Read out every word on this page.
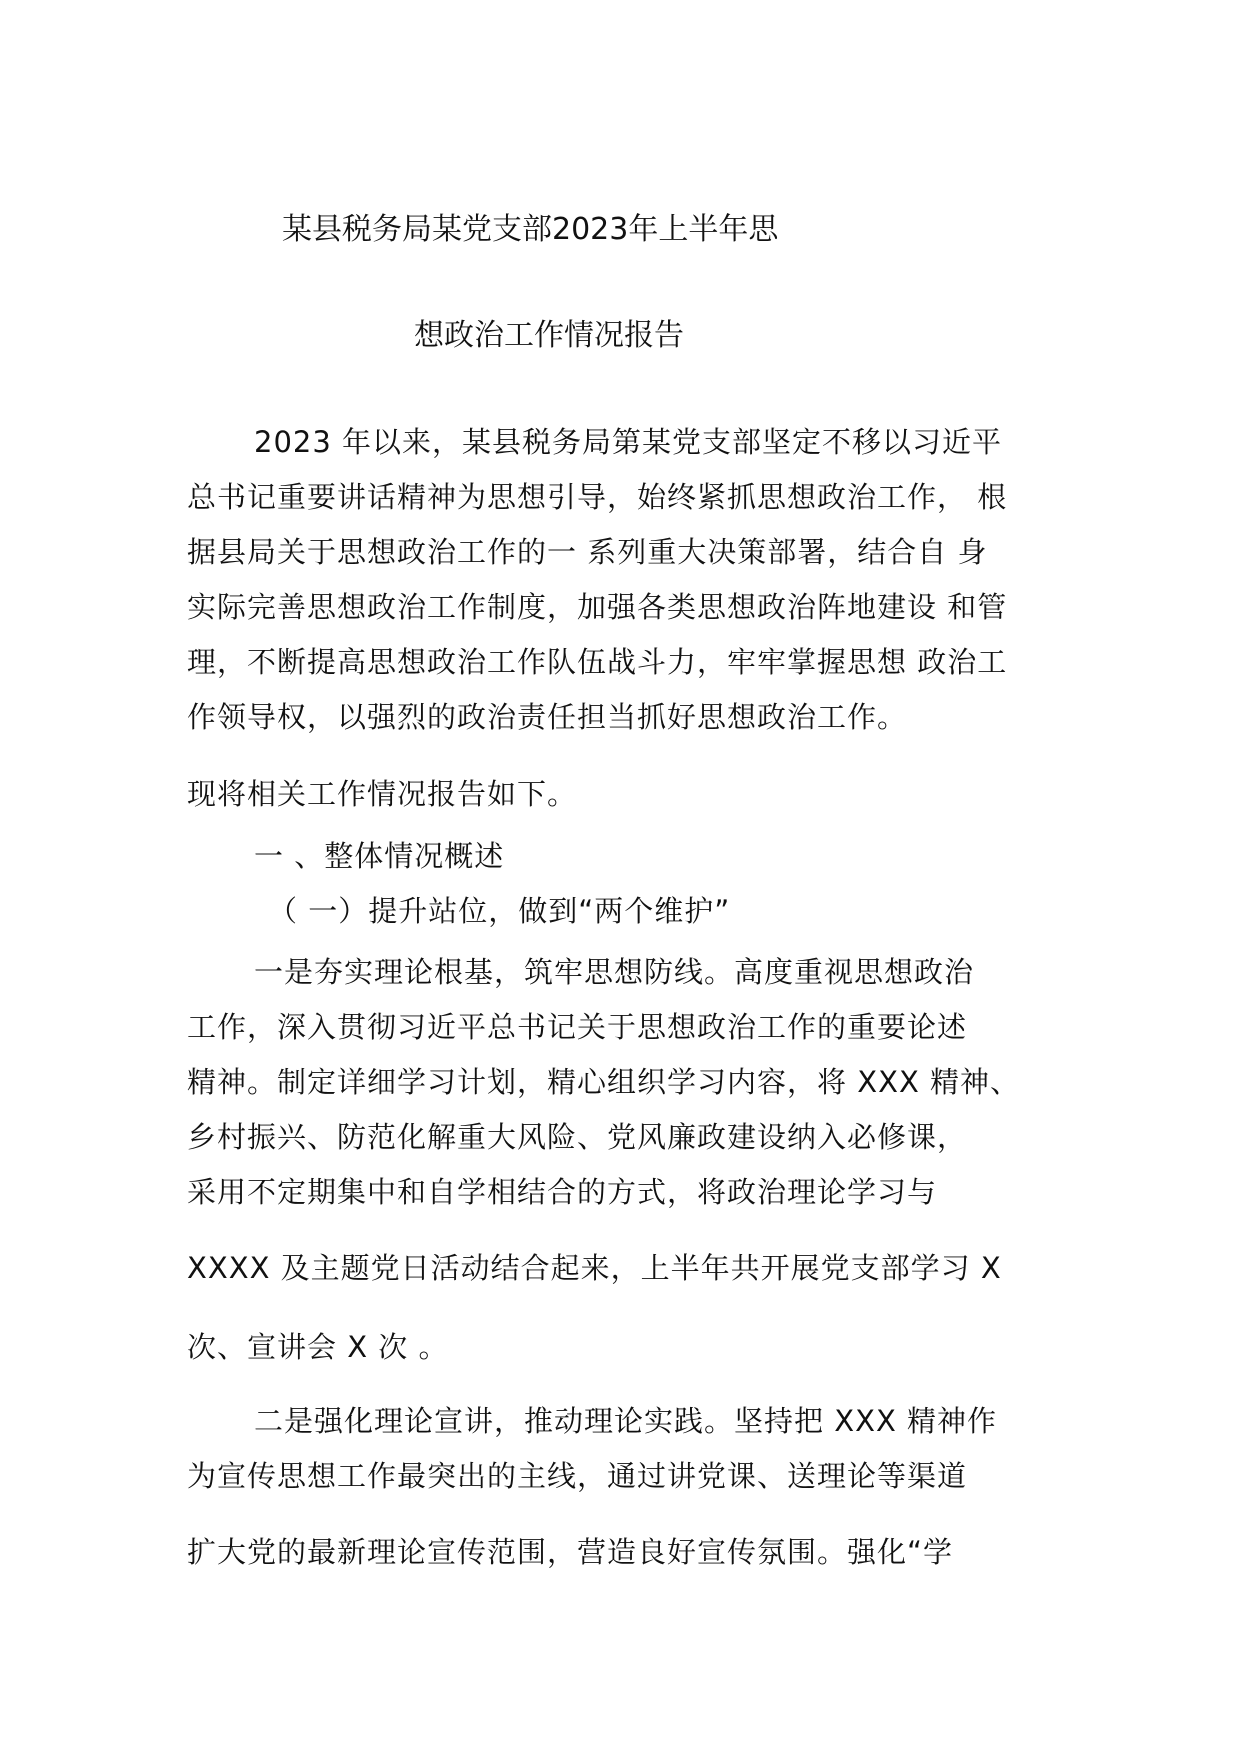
某县税务局某党支部2023年上半年思
想政治工作情况报告
2023 年以来，某县税务局第某党支部坚定不移以习近平
总书记重要讲话精神为思想引导，始终紧抓思想政治工作， 根
据县局关于思想政治工作的一 系列重大决策部署，结合自 身
实际完善思想政治工作制度，加强各类思想政治阵地建设 和管
理，不断提高思想政治工作队伍战斗力，牢牢掌握思想 政治工
作领导权，以强烈的政治责任担当抓好思想政治工作。
现将相关工作情况报告如下。
一 、整体情况概述
（ 一）提升站位，做到“两个维护”
一是夯实理论根基，筑牢思想防线。高度重视思想政治
工作，深入贯彻习近平总书记关于思想政治工作的重要论述
精神。制定详细学习计划，精心组织学习内容，将 XXX 精神、
乡村振兴、防范化解重大风险、党风廉政建设纳入必修课，
采用不定期集中和自学相结合的方式，将政治理论学习与
XXXX 及主题党日活动结合起来，上半年共开展党支部学习 X
次、宣讲会 X 次 。
二是强化理论宣讲，推动理论实践。坚持把 XXX 精神作
为宣传思想工作最突出的主线，通过讲党课、送理论等渠道
扩大党的最新理论宣传范围，营造良好宣传氛围。强化“学
